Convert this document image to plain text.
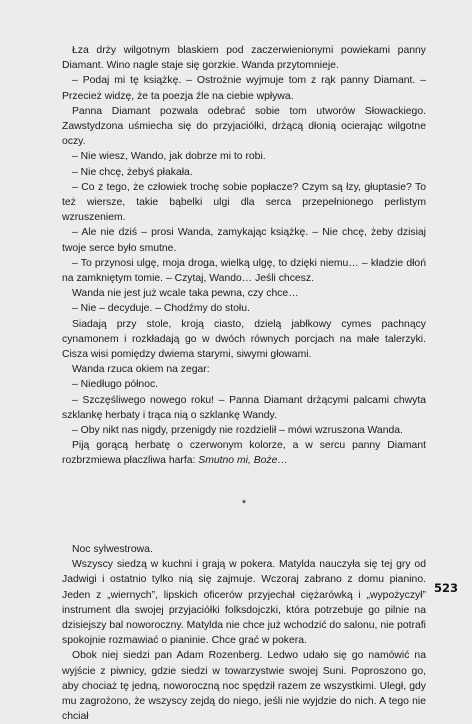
Łza drży wilgotnym blaskiem pod zaczerwienionymi powiekami panny Diamant. Wino nagle staje się gorzkie. Wanda przytomnieje.

– Podaj mi tę książkę. – Ostrożnie wyjmuje tom z rąk panny Diamant. – Przecież widzę, że ta poezja źle na ciebie wpływa.

Panna Diamant pozwala odebrać sobie tom utworów Słowackiego. Zawstydzona uśmiecha się do przyjaciółki, drżącą dłonią ocierając wilgotne oczy.

– Nie wiesz, Wando, jak dobrze mi to robi.

– Nie chcę, żebyś płakała.

– Co z tego, że człowiek trochę sobie popłacze? Czym są łzy, głuptasie? To też wiersze, takie bąbelki ulgi dla serca przepełnionego perlistym wzruszeniem.

– Ale nie dziś – prosi Wanda, zamykając książkę. – Nie chcę, żeby dzisiaj twoje serce było smutne.

– To przynosi ulgę, moja droga, wielką ulgę, to dzięki niemu… – kładzie dłoń na zamkniętym tomie. – Czytaj, Wando… Jeśli chcesz.

Wanda nie jest już wcale taka pewna, czy chce…

– Nie – decyduje. – Chodźmy do stołu.

Siadają przy stole, kroją ciasto, dzielą jabłkowy cymes pachnący cynamonem i rozkładają go w dwóch równych porcjach na małe talerzyki. Cisza wisi pomiędzy dwiema starymi, siwymi głowami.

Wanda rzuca okiem na zegar:

– Niedługo północ.

– Szczęśliwego nowego roku! – Panna Diamant drżącymi palcami chwyta szklankę herbaty i trąca nią o szklankę Wandy.

– Oby nikt nas nigdy, przenigdy nie rozdzielił – mówi wzruszona Wanda.

Piją gorącą herbatę o czerwonym kolorze, a w sercu panny Diamant rozbrzmiewa płaczliwa harfa: Smutno mi, Boże…

*

Noc sylwestrowa.

Wszyscy siedzą w kuchni i grają w pokera. Matylda nauczyła się tej gry od Jadwigi i ostatnio tylko nią się zajmuje. Wczoraj zabrano z domu pianino. Jeden z „wiernych”, lipskich oficerów przyjechał ciężarówką i „wypożyczył” instrument dla swojej przyjaciółki folksdojczki, która potrzebuje go pilnie na dzisiejszy bal noworoczny. Matylda nie chce już wchodzić do salonu, nie potrafi spokojnie rozmawiać o pianinie. Chce grać w pokera.

Obok niej siedzi pan Adam Rozenberg. Ledwo udało się go namówić na wyjście z piwnicy, gdzie siedzi w towarzystwie swojej Suni. Poproszono go, aby chociaż tę jedną, noworoczną noc spędził razem ze wszystkimi. Uległ, gdy mu zagrożono, że wszyscy zejdą do niego, jeśli nie wyjdzie do nich. A tego nie chciał

523
